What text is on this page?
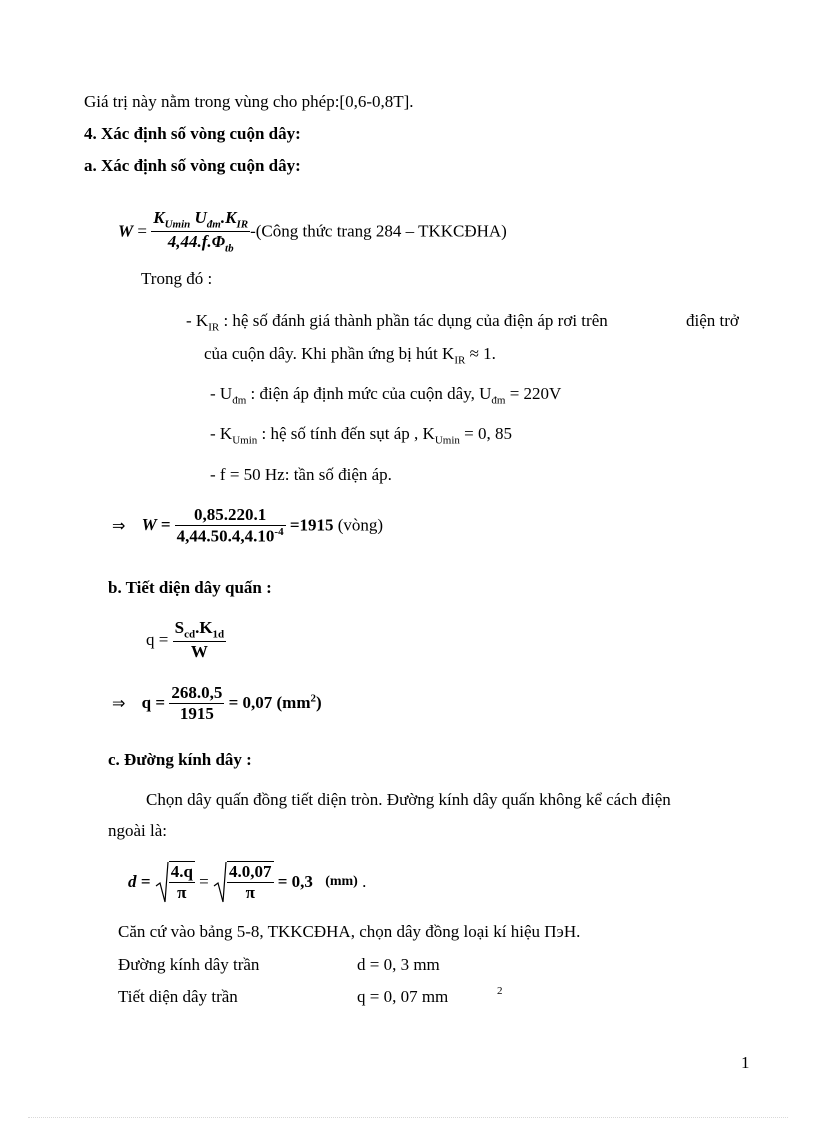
Giá trị này nằm trong vùng cho phép:[0,6-0,8T].
4. Xác định số vòng cuộn dây:
a. Xác định số vòng cuộn dây:
$W = \frac{K_{Umin} U_{đm}.K_{IR}}{4,44.f.\Phi_{tb}}$ -(Công thức trang 284 – TKKCĐHA)
Trong đó :
- $K_{IR}$ : hệ số đánh giá thành phần tác dụng của điện áp rơi trên	điện trở
của cuộn dây. Khi phần ứng bị hút $K_{IR} \approx 1$.
- $U_{đm}$ : điện áp định mức của cuộn dây, $U_{đm} = 220V$
- $K_{Umin}$ : hệ số tính đến sụt áp , $K_{Umin} = 0$, 85
- f = 50 Hz: tần số điện áp.
⇒ $W = \frac{0,85.220.1}{4,44.50.4,4.10^{-4}} =1915$ (vòng)
b. Tiết diện dây quấn :
$q = \frac{S_{cd}.K_{1d}}{W}$
⇒ $q = \frac{268.0,5}{1915} = 0,07$ $(mm^2)$
c. Đường kính dây :
Chọn dây quấn đồng tiết diện tròn. Đường kính dây quấn không kể cách điện
ngoài là:
$d = \frac{4.q}{\pi} = \frac{4.0,07}{\pi} = 0,3$ (mm) .
Căn cứ vào bảng 5-8, TKKCĐHA, chọn dây đồng loại kí hiệu ПэН.
Đường kính dây trần	d = 0, 3 mm
Tiết diện dây trần	q = 0, 07 mm	2
1
